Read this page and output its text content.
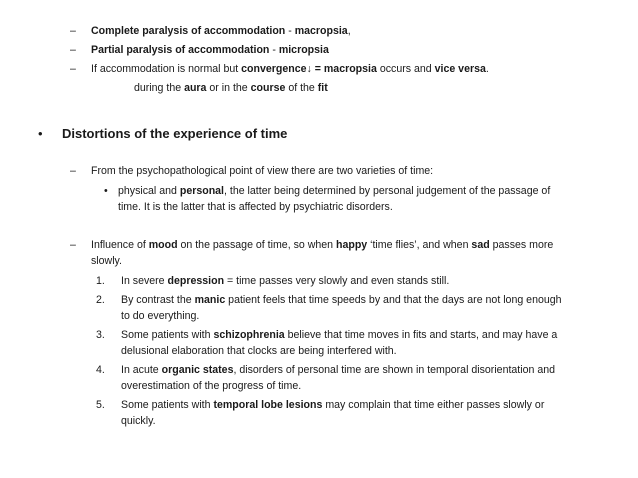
– Complete paralysis of accommodation - macropsia,
– Partial paralysis of accommodation - micropsia
– If accommodation is normal but convergence↓ = macropsia occurs and vice versa.
during the aura or in the course of the fit
• Distortions of the experience of time
– From the psychopathological point of view there are two varieties of time:
• physical and personal, the latter being determined by personal judgement of the passage of
time. It is the latter that is affected by psychiatric disorders.
– Influence of mood on the passage of time, so when happy ‘time flies’, and when sad passes more
slowly.
1. In severe depression = time passes very slowly and even stands still.
2. By contrast the manic patient feels that time speeds by and that the days are not long enough
to do everything.
3. Some patients with schizophrenia believe that time moves in fits and starts, and may have a
delusional elaboration that clocks are being interfered with.
4. In acute organic states, disorders of personal time are shown in temporal disorientation and
overestimation of the progress of time.
5. Some patients with temporal lobe lesions may complain that time either passes slowly or
quickly.
